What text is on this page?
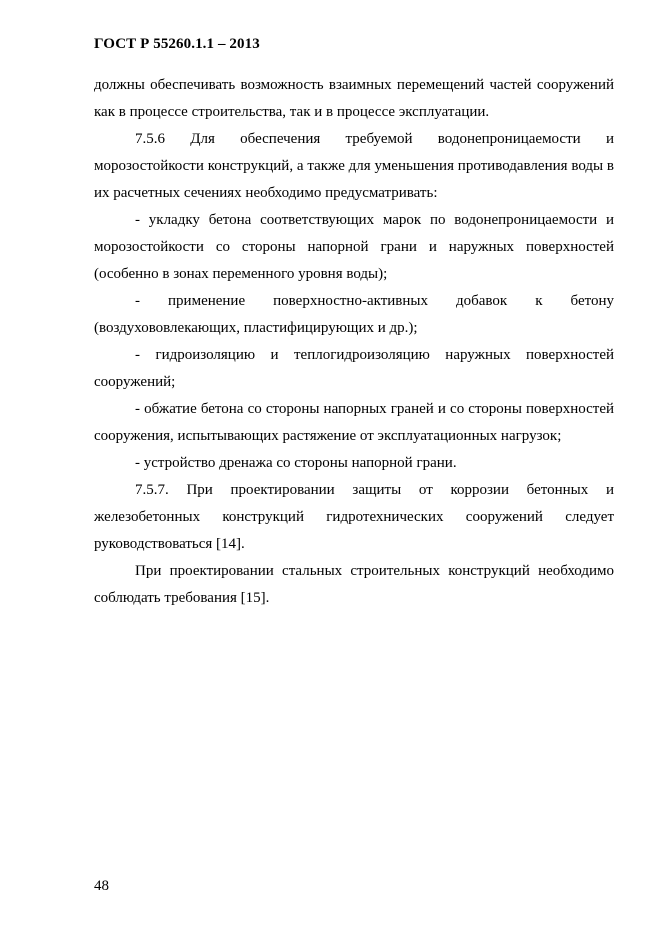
ГОСТ Р 55260.1.1 – 2013

должны обеспечивать возможность взаимных перемещений частей сооружений как в процессе строительства, так и в процессе эксплуатации.

7.5.6 Для обеспечения требуемой водонепроницаемости и морозостойкости конструкций, а также для уменьшения противодавления воды в их расчетных сечениях необходимо предусматривать:

- укладку бетона соответствующих марок по водонепроницаемости и морозостойкости со стороны напорной грани и наружных поверхностей (особенно в зонах переменного уровня воды);

- применение поверхностно-активных добавок к бетону (воздухововлекающих, пластифицирующих и др.);

- гидроизоляцию и теплогидроизоляцию наружных поверхностей сооружений;

- обжатие бетона со стороны напорных граней и со стороны поверхностей сооружения, испытывающих растяжение от эксплуатационных нагрузок;

- устройство дренажа со стороны напорной грани.

7.5.7. При проектировании защиты от коррозии бетонных и железобетонных конструкций гидротехнических сооружений следует руководствоваться [14].

При проектировании стальных строительных конструкций необходимо соблюдать требования [15].

48
